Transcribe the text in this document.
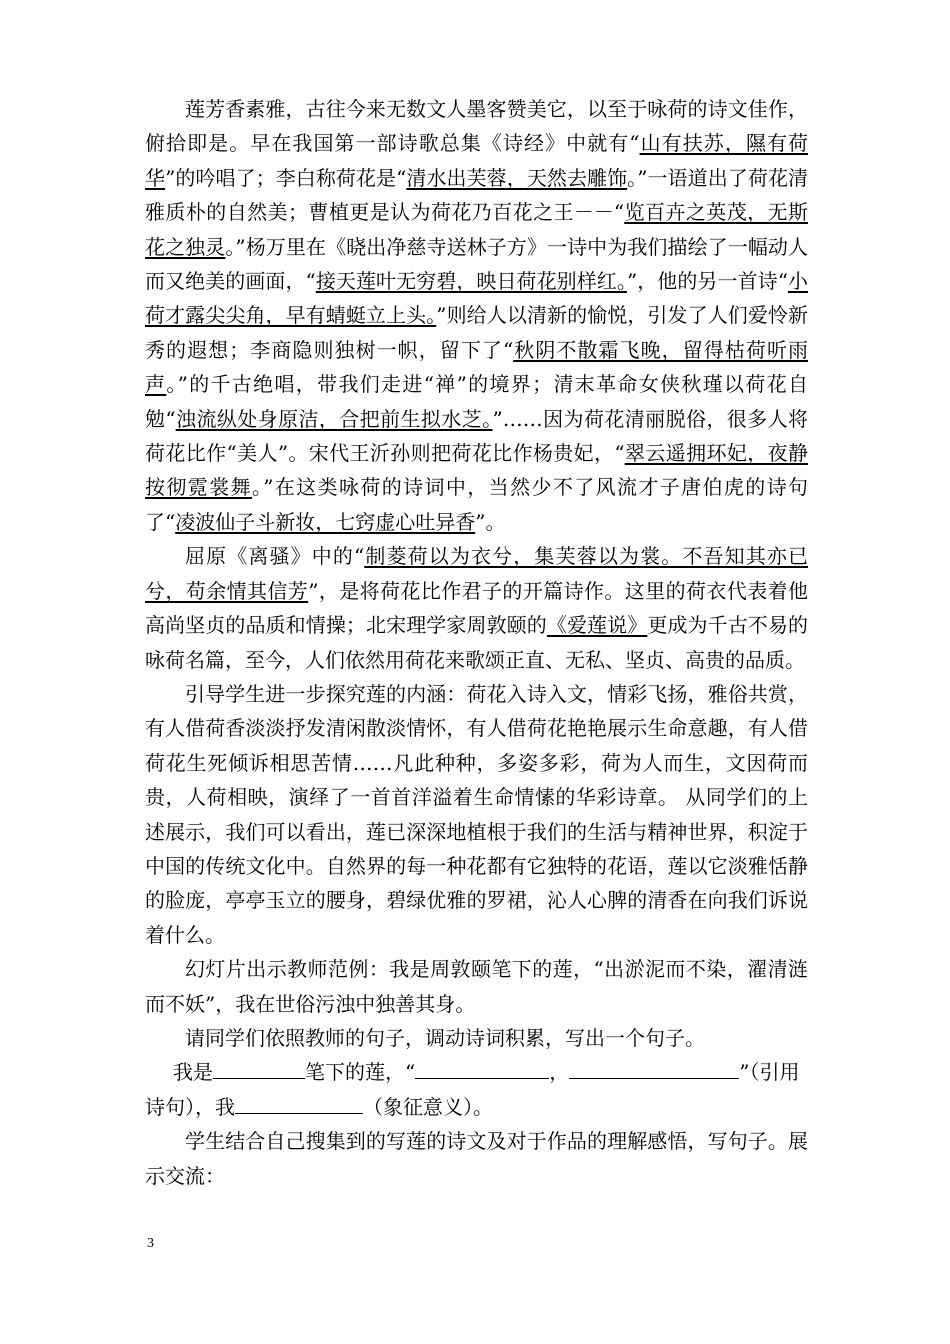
莲芳香素雅，古往今来无数文人墨客赞美它，以至于咏荷的诗文佳作，俯拾即是。早在我国第一部诗歌总集《诗经》中就有“山有扶苏，隰有荷华”的吟唱了；李白称荷花是“清水出芙蓉，天然去雕饰。”一语道出了荷花清雅质朴的自然美；曹植更是认为荷花乃百花之王－－“览百卉之英茂，无斯花之独灵。”杨万里在《晓出净慈寺送林子方》一诗中为我们描绘了一幅动人而又绝美的画面，“接天莲叶无穷碧，映日荷花别样红。”，他的另一首诗“小荷才露尖尖角，早有蜻蜓立上头。”则给人以清新的愉悦，引发了人们爱怜新秀的遐想；李商隐则独树一帜，留下了“秋阴不散霜飞晚，留得枯荷听雨声。”的千古绝唱，带我们走进“禅”的境界；清末革命女侠秋瑾以荷花自勉“浊流纵处身原洁，合把前生拟水芝。”……因为荷花清丽脱俗，很多人将荷花比作“美人”。宋代王沂孙则把荷花比作杨贵妃，“翠云遥拥环妃，夜静按彻霓裳舞。”在这类咏荷的诗词中，当然少不了风流才子唐伯虎的诗句了“凌波仙子斗新妆，七窍虚心吐异香”。

屈原《离骚》中的“制菱荷以为衣兮，集芙蓉以为裳。不吾知其亦已兮，苟余情其信芳”，是将荷花比作君子的开篇诗作。这里的荷衣代表着他高尚坚贞的品质和情操；北宋理学家周敦颐的《爱莲说》更成为千古不易的咏荷名篇，至今，人们依然用荷花来歌颂正直、无私、坚贞、高贵的品质。

引导学生进一步探究莲的内涵：荷花入诗入文，情彩飞扬，雅俗共赏，有人借荷香淡淡抒发清闲散淡情怀，有人借荷花艳艳展示生命意趣，有人借荷花生死倾诉相思苦情……凡此种种，多姿多彩，荷为人而生，文因荷而贵，人荷相映，演绎了一首首洋溢着生命情愫的华彩诗章。 从同学们的上述展示，我们可以看出，莲已深深地植根于我们的生活与精神世界，积淀于中国的传统文化中。自然界的每一种花都有它独特的花语，莲以它淡雅恬静的脸庞，亭亭玉立的腰身，碧绿优雅的罗裙，沁人心脾的清香在向我们诉说着什么。

幻灯片出示教师范例：我是周敦颐笔下的莲，“出淤泥而不染，濯清涟而不妖”，我在世俗污浊中独善其身。

请同学们依照教师的句子，调动诗词积累，写出一个句子。

我是	笔下的莲，“	，	”（引用诗句），我	（象征意义）。

学生结合自己搜集到的写莲的诗文及对于作品的理解感悟，写句子。展示交流：

3
